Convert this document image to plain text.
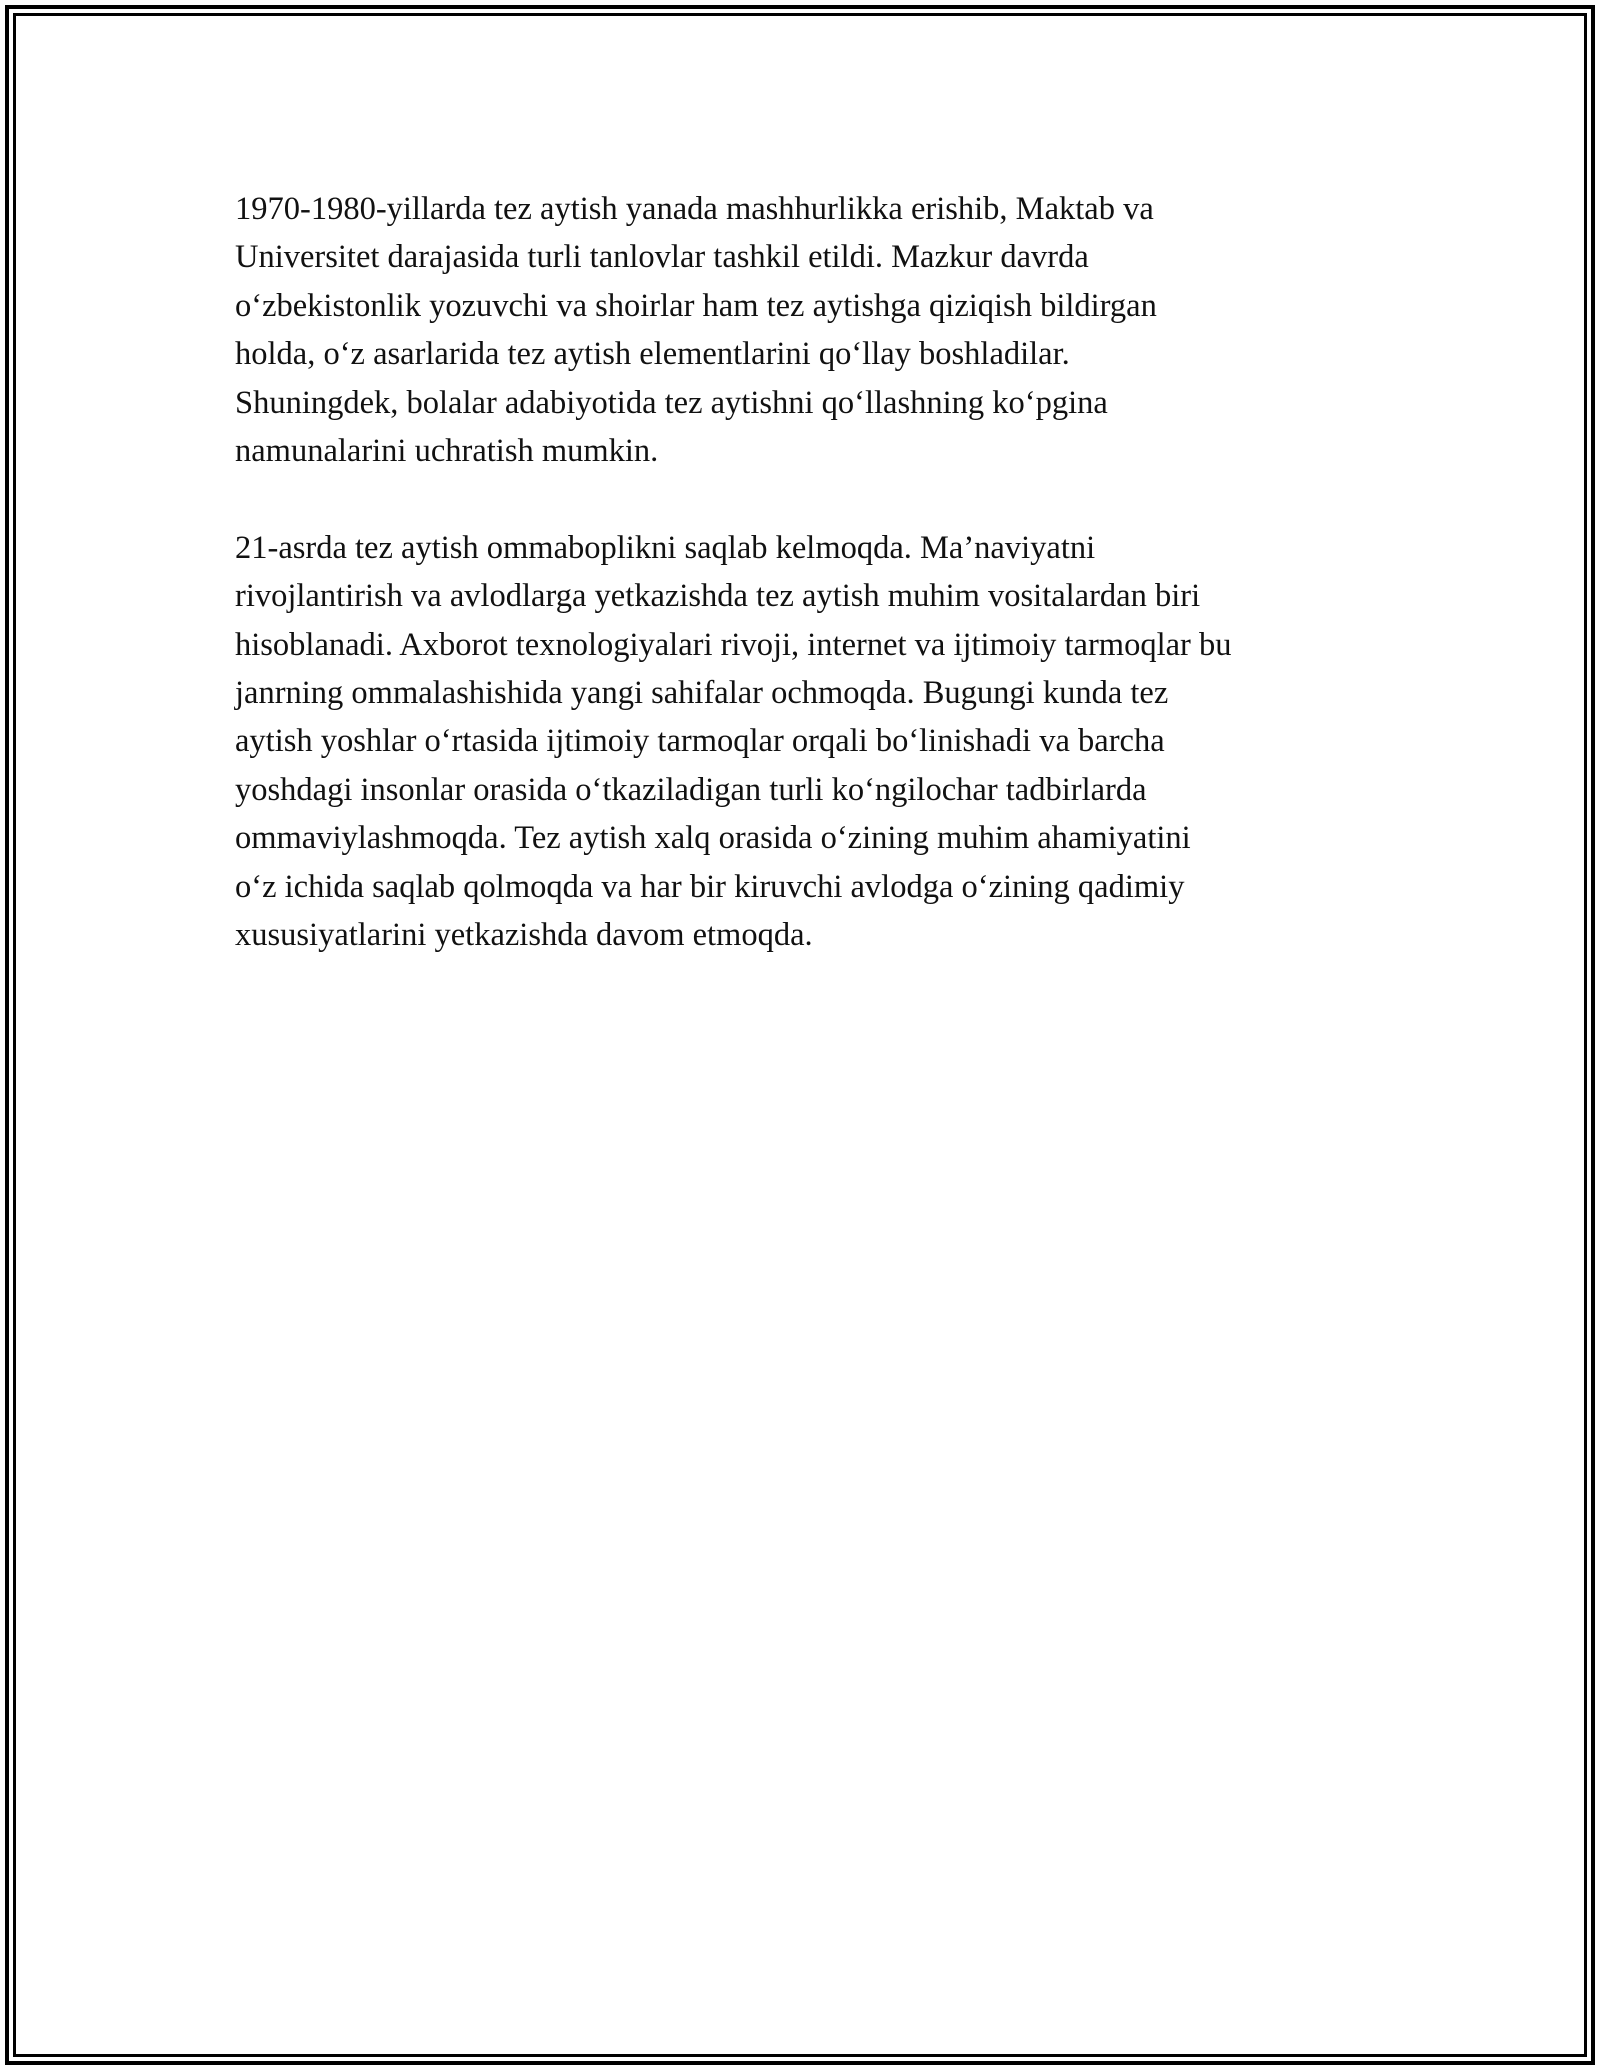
1970-1980-yillarda tez aytish yanada mashhurlikka erishib, Maktab va
Universitet darajasida turli tanlovlar tashkil etildi. Mazkur davrda
o‘zbekistonlik yozuvchi va shoirlar ham tez aytishga qiziqish bildirgan
holda, o‘z asarlarida tez aytish elementlarini qo‘llay boshladilar.
Shuningdek, bolalar adabiyotida tez aytishni qo‘llashning ko‘pgina
namunalarini uchratish mumkin.

21-asrda tez aytish ommaboplikni saqlab kelmoqda. Ma’naviyatni
rivojlantirish va avlodlarga yetkazishda tez aytish muhim vositalardan biri
hisoblanadi. Axborot texnologiyalari rivoji, internet va ijtimoiy tarmoqlar bu
janrning ommalashishida yangi sahifalar ochmoqda. Bugungi kunda tez
aytish yoshlar o‘rtasida ijtimoiy tarmoqlar orqali bo‘linishadi va barcha
yoshdagi insonlar orasida o‘tkaziladigan turli ko‘ngilochar tadbirlarda
ommaviylashmoqda. Tez aytish xalq orasida o‘zining muhim ahamiyatini
o‘z ichida saqlab qolmoqda va har bir kiruvchi avlodga o‘zining qadimiy
xususiyatlarini yetkazishda davom etmoqda.
